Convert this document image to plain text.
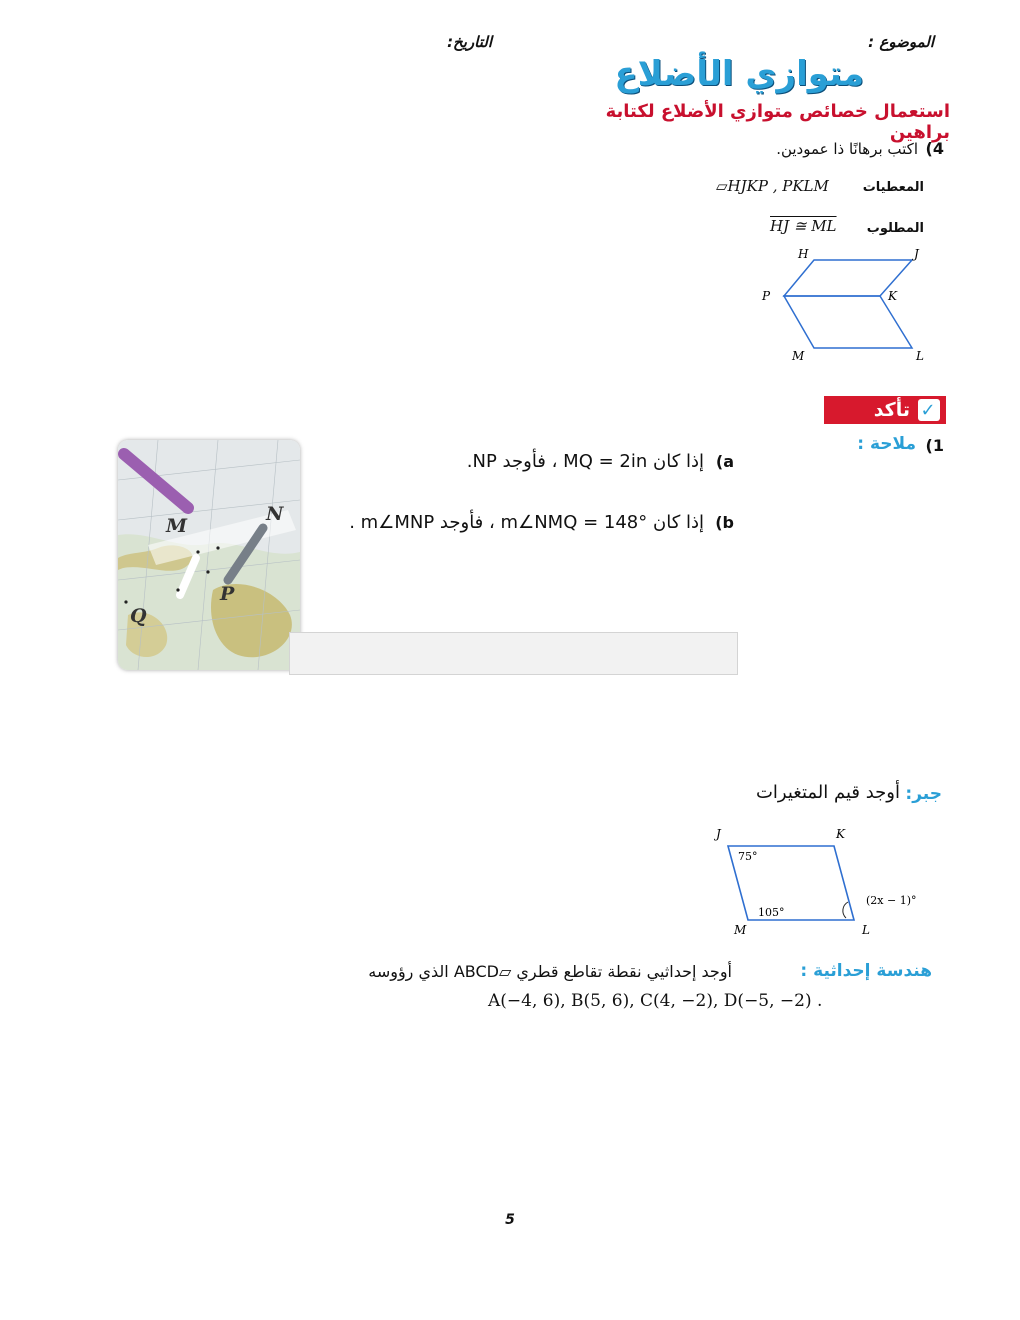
الموضوع :
التاريخ:
متوازي الأضلاع
استعمال خصائص متوازي الأضلاع لكتابة براهين
4)
اكتب برهانًا ذا عمودين.
المعطيات
▱HJKP , PKLM
المطلوب
HJ ≅ ML
H	J
P	K
M	L
تأكد ✓
1)
ملاحة :
a)
إذا كان MQ = 2in ، فأوجد NP.
b)
إذا كان m∠NMQ = 148° ، فأوجد m∠MNP .
M
N
P
Q
جبر:
أوجد قيم المتغيرات
J	K
M	L
75°
105°
(2x − 1)°
هندسة إحداثية :
أوجد إحداثيي نقطة تقاطع قطري ▱ABCD الذي رؤوسه
A(−4, 6), B(5, 6), C(4, −2), D(−5, −2) .
5
